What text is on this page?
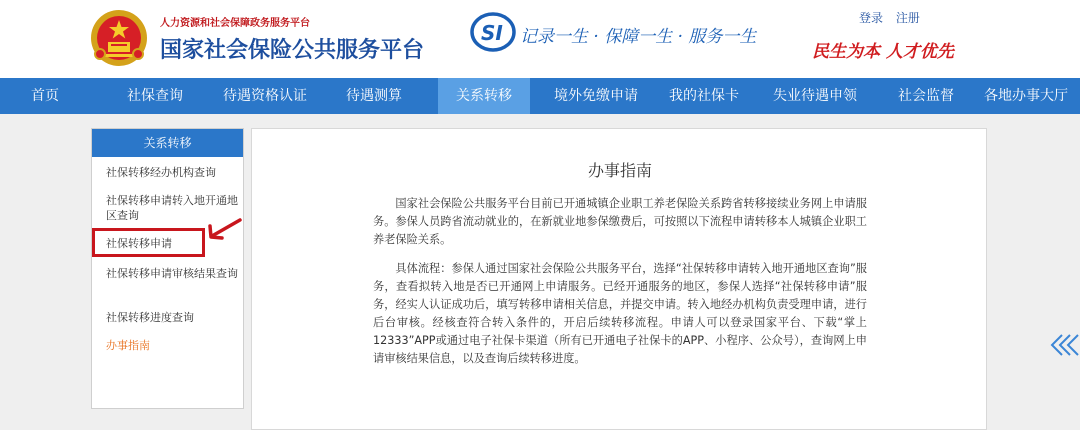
人力资源和社会保障政务服务平台
国家社会保险公共服务平台
SI 记录一生 · 保障一生 · 服务一生
登录 注册
民生为本 人才优先
首页	社保查询	待遇资格认证	待遇测算	关系转移	境外免缴申请	我的社保卡	失业待遇申领	社会监督	各地办事大厅
关系转移
社保转移经办机构查询
社保转移申请转入地开通地区查询
社保转移申请
社保转移申请审核结果查询
社保转移进度查询
办事指南
办事指南
国家社会保险公共服务平台目前已开通城镇企业职工养老保险关系跨省转移接续业务网上申请服务。参保人员跨省流动就业的，在新就业地参保缴费后，可按照以下流程申请转移本人城镇企业职工养老保险关系。
具体流程：参保人通过国家社会保险公共服务平台，选择“社保转移申请转入地开通地区查询”服务，查看拟转入地是否已开通网上申请服务。已经开通服务的地区，参保人选择“社保转移申请”服务，经实人认证成功后，填写转移申请相关信息，并提交申请。转入地经办机构负责受理申请，进行后台审核。经核查符合转入条件的，开启后续转移流程。申请人可以登录国家平台、下载“掌上12333”APP或通过电子社保卡渠道（所有已开通电子社保卡的APP、小程序、公众号），查询网上申请审核结果信息，以及查询后续转移进度。
